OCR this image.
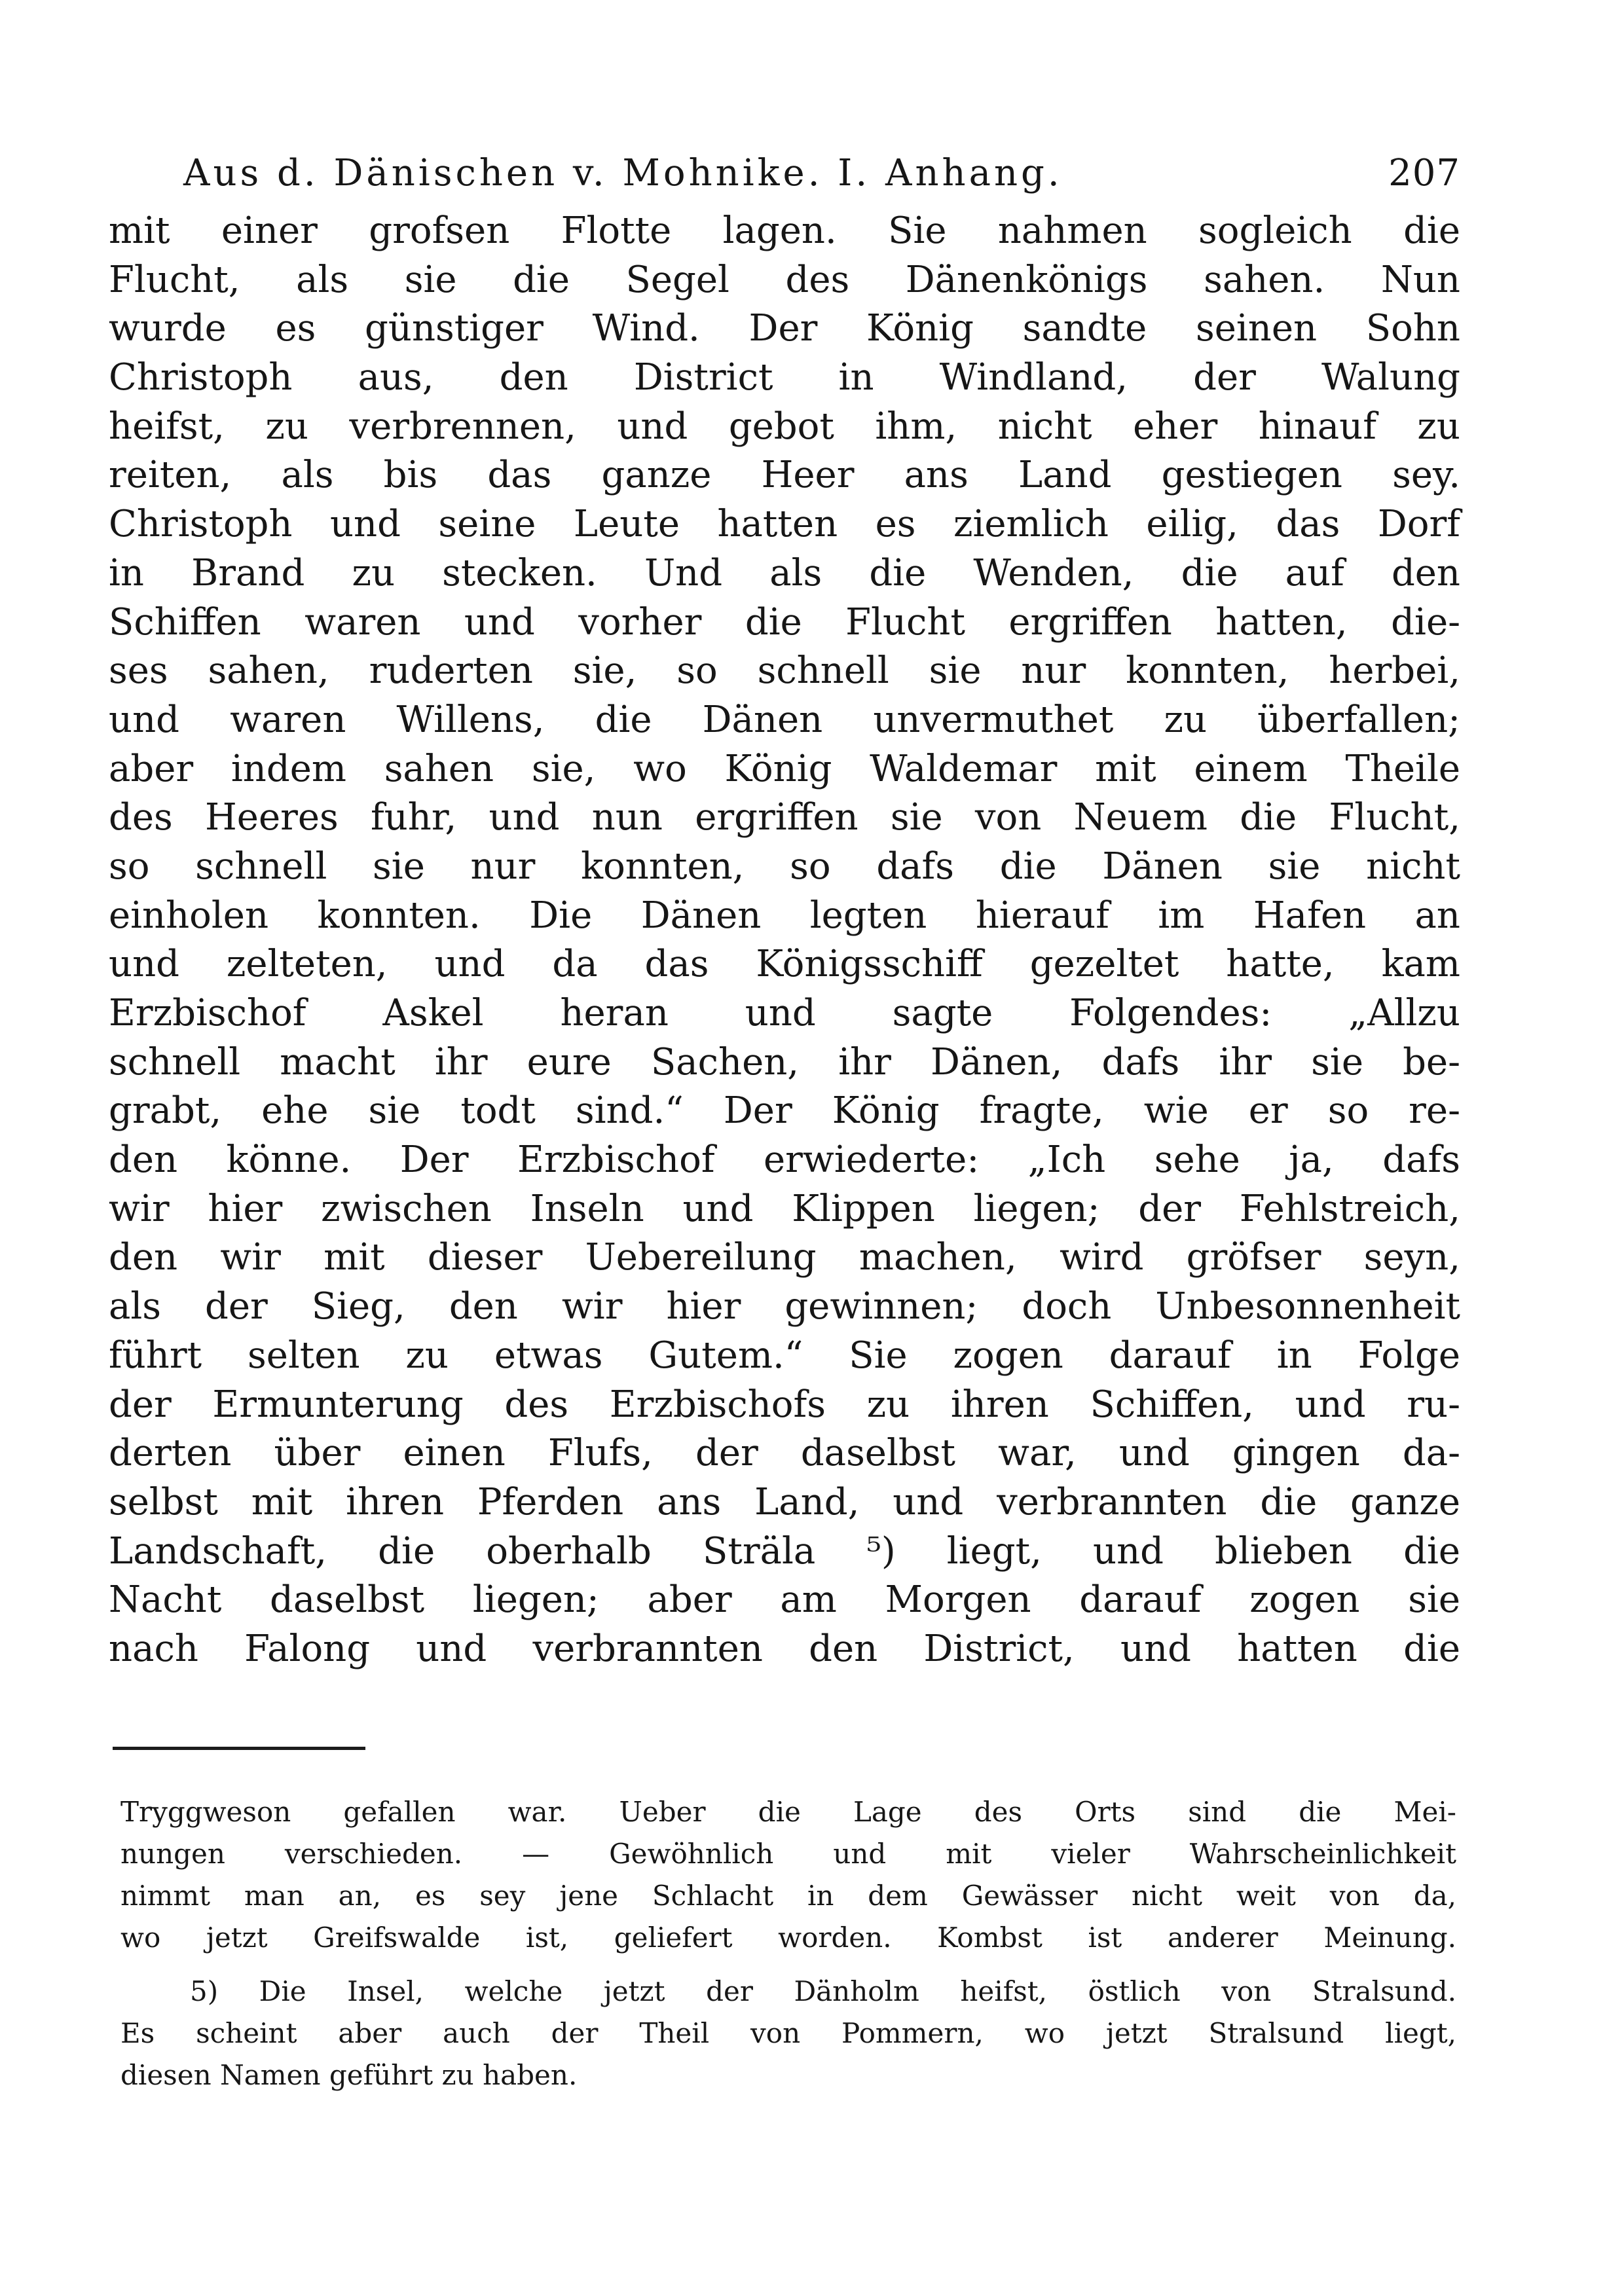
Aus d. Dänischen v. Mohnike. I. Anhang.	207
mit einer grofsen Flotte lagen. Sie nahmen sogleich die
Flucht, als sie die Segel des Dänenkönigs sahen. Nun
wurde es günstiger Wind. Der König sandte seinen Sohn
Christoph aus, den District in Windland, der Walung
heifst, zu verbrennen, und gebot ihm, nicht eher hinauf zu
reiten, als bis das ganze Heer ans Land gestiegen sey.
Christoph und seine Leute hatten es ziemlich eilig, das Dorf
in Brand zu stecken. Und als die Wenden, die auf den
Schiffen waren und vorher die Flucht ergriffen hatten, die-
ses sahen, ruderten sie, so schnell sie nur konnten, herbei,
und waren Willens, die Dänen unvermuthet zu überfallen;
aber indem sahen sie, wo König Waldemar mit einem Theile
des Heeres fuhr, und nun ergriffen sie von Neuem die Flucht,
so schnell sie nur konnten, so dafs die Dänen sie nicht
einholen konnten. Die Dänen legten hierauf im Hafen an
und zelteten, und da das Königsschiff gezeltet hatte, kam
Erzbischof Askel heran und sagte Folgendes: „Allzu
schnell macht ihr eure Sachen, ihr Dänen, dafs ihr sie be-
grabt, ehe sie todt sind.“ Der König fragte, wie er so re-
den könne. Der Erzbischof erwiederte: „Ich sehe ja, dafs
wir hier zwischen Inseln und Klippen liegen; der Fehlstreich,
den wir mit dieser Uebereilung machen, wird gröfser seyn,
als der Sieg, den wir hier gewinnen; doch Unbesonnenheit
führt selten zu etwas Gutem.“ Sie zogen darauf in Folge
der Ermunterung des Erzbischofs zu ihren Schiffen, und ru-
derten über einen Flufs, der daselbst war, und gingen da-
selbst mit ihren Pferden ans Land, und verbrannten die ganze
Landschaft, die oberhalb Sträla ⁵) liegt, und blieben die
Nacht daselbst liegen; aber am Morgen darauf zogen sie
nach Falong und verbrannten den District, und hatten die
Tryggweson gefallen war. Ueber die Lage des Orts sind die Mei-
nungen verschieden. — Gewöhnlich und mit vieler Wahrscheinlichkeit
nimmt man an, es sey jene Schlacht in dem Gewässer nicht weit von da,
wo jetzt Greifswalde ist, geliefert worden. Kombst ist anderer Meinung.
5) Die Insel, welche jetzt der Dänholm heifst, östlich von Stralsund.
Es scheint aber auch der Theil von Pommern, wo jetzt Stralsund liegt,
diesen Namen geführt zu haben.
